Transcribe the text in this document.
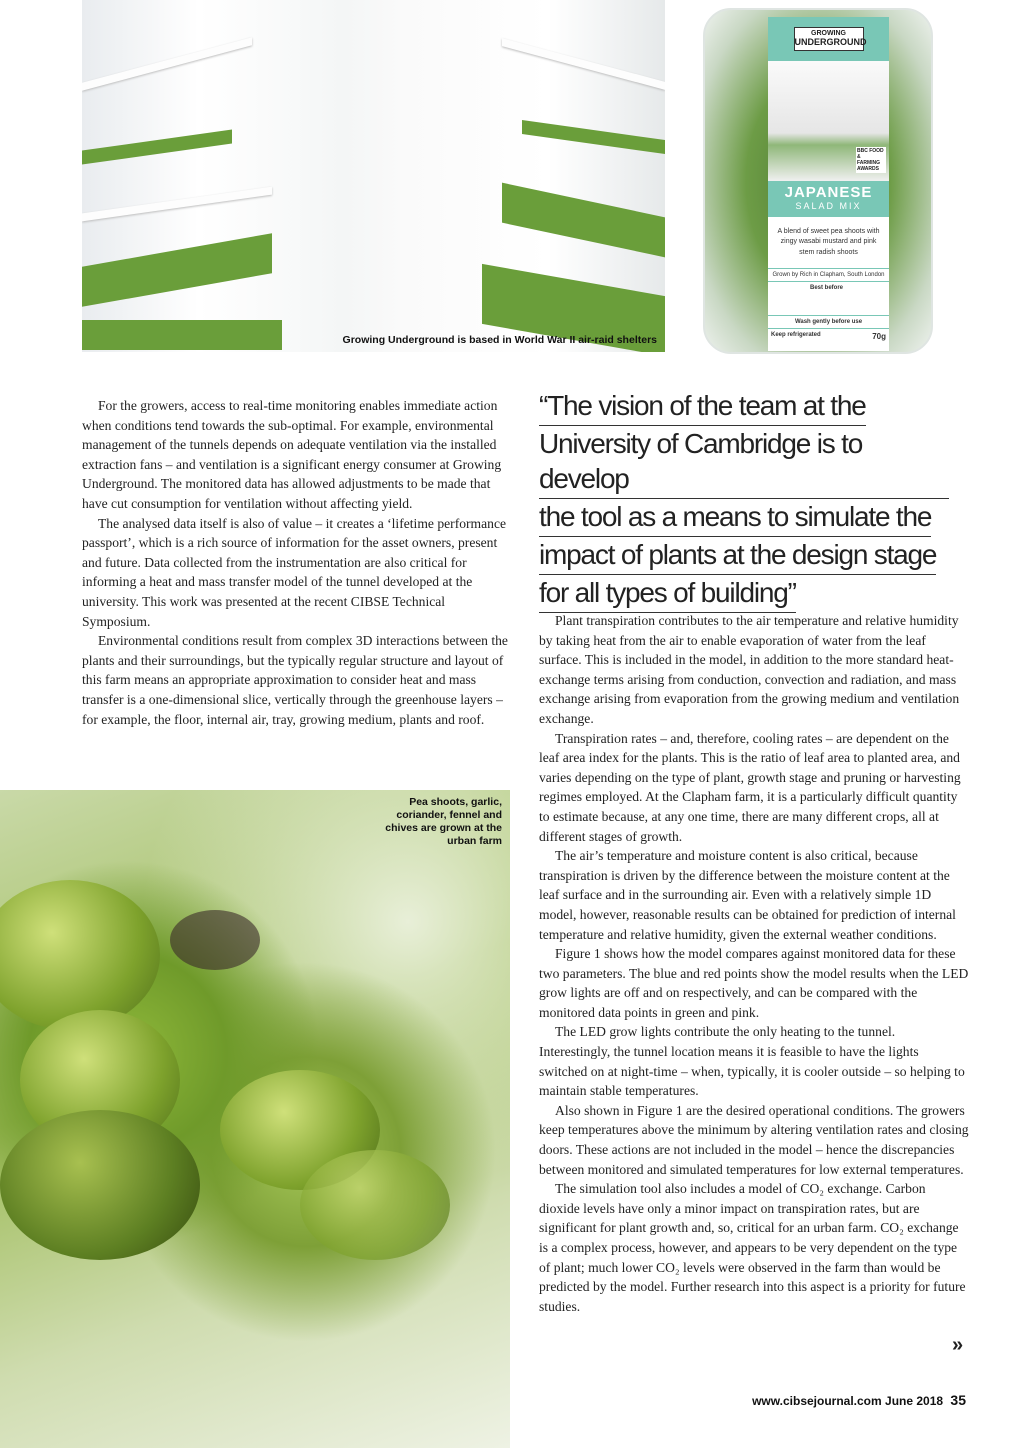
Growing Underground is based in World War II air-raid shelters
GROWING
UNDERGROUND
BBC FOOD & FARMING AWARDS
JAPANESE
SALAD MIX
A blend of sweet pea shoots with zingy wasabi mustard and pink stem radish shoots
Grown by Rich in Clapham, South London
Best before
Wash gently before use
Keep refrigerated	70g
“The vision of the team at the University of Cambridge is to develop the tool as a means to simulate the impact of plants at the design stage for all types of building”

For the growers, access to real-time monitoring enables immediate action when conditions tend towards the sub-optimal. For example, environmental management of the tunnels depends on adequate ventilation via the installed extraction fans – and ventilation is a significant energy consumer at Growing Underground. The monitored data has allowed adjustments to be made that have cut consumption for ventilation without affecting yield.

The analysed data itself is also of value – it creates a ‘lifetime performance passport’, which is a rich source of information for the asset owners, present and future. Data collected from the instrumentation are also critical for informing a heat and mass transfer model of the tunnel developed at the university. This work was presented at the recent CIBSE Technical Symposium.

Environmental conditions result from complex 3D interactions between the plants and their surroundings, but the typically regular structure and layout of this farm means an appropriate approximation to consider heat and mass transfer is a one-dimensional slice, vertically through the greenhouse layers – for example, the floor, internal air, tray, growing medium, plants and roof.

Pea shoots, garlic, coriander, fennel and chives are grown at the urban farm

Plant transpiration contributes to the air temperature and relative humidity by taking heat from the air to enable evaporation of water from the leaf surface. This is included in the model, in addition to the more standard heat-exchange terms arising from conduction, convection and radiation, and mass exchange arising from evaporation from the growing medium and ventilation exchange.

Transpiration rates – and, therefore, cooling rates – are dependent on the leaf area index for the plants. This is the ratio of leaf area to planted area, and varies depending on the type of plant, growth stage and pruning or harvesting regimes employed. At the Clapham farm, it is a particularly difficult quantity to estimate because, at any one time, there are many different crops, all at different stages of growth.

The air’s temperature and moisture content is also critical, because transpiration is driven by the difference between the moisture content at the leaf surface and in the surrounding air. Even with a relatively simple 1D model, however, reasonable results can be obtained for prediction of internal temperature and relative humidity, given the external weather conditions.

Figure 1 shows how the model compares against monitored data for these two parameters. The blue and red points show the model results when the LED grow lights are off and on respectively, and can be compared with the monitored data points in green and pink.

The LED grow lights contribute the only heating to the tunnel. Interestingly, the tunnel location means it is feasible to have the lights switched on at night-time – when, typically, it is cooler outside – so helping to maintain stable temperatures.

Also shown in Figure 1 are the desired operational conditions. The growers keep temperatures above the minimum by altering ventilation rates and closing doors. These actions are not included in the model – hence the discrepancies between monitored and simulated temperatures for low external temperatures.

The simulation tool also includes a model of CO₂ exchange. Carbon dioxide levels have only a minor impact on transpiration rates, but are significant for plant growth and, so, critical for an urban farm. CO₂ exchange is a complex process, however, and appears to be very dependent on the type of plant; much lower CO₂ levels were observed in the farm than would be predicted by the model. Further research into this aspect is a priority for future studies.

»
www.cibsejournal.com June 2018 35
